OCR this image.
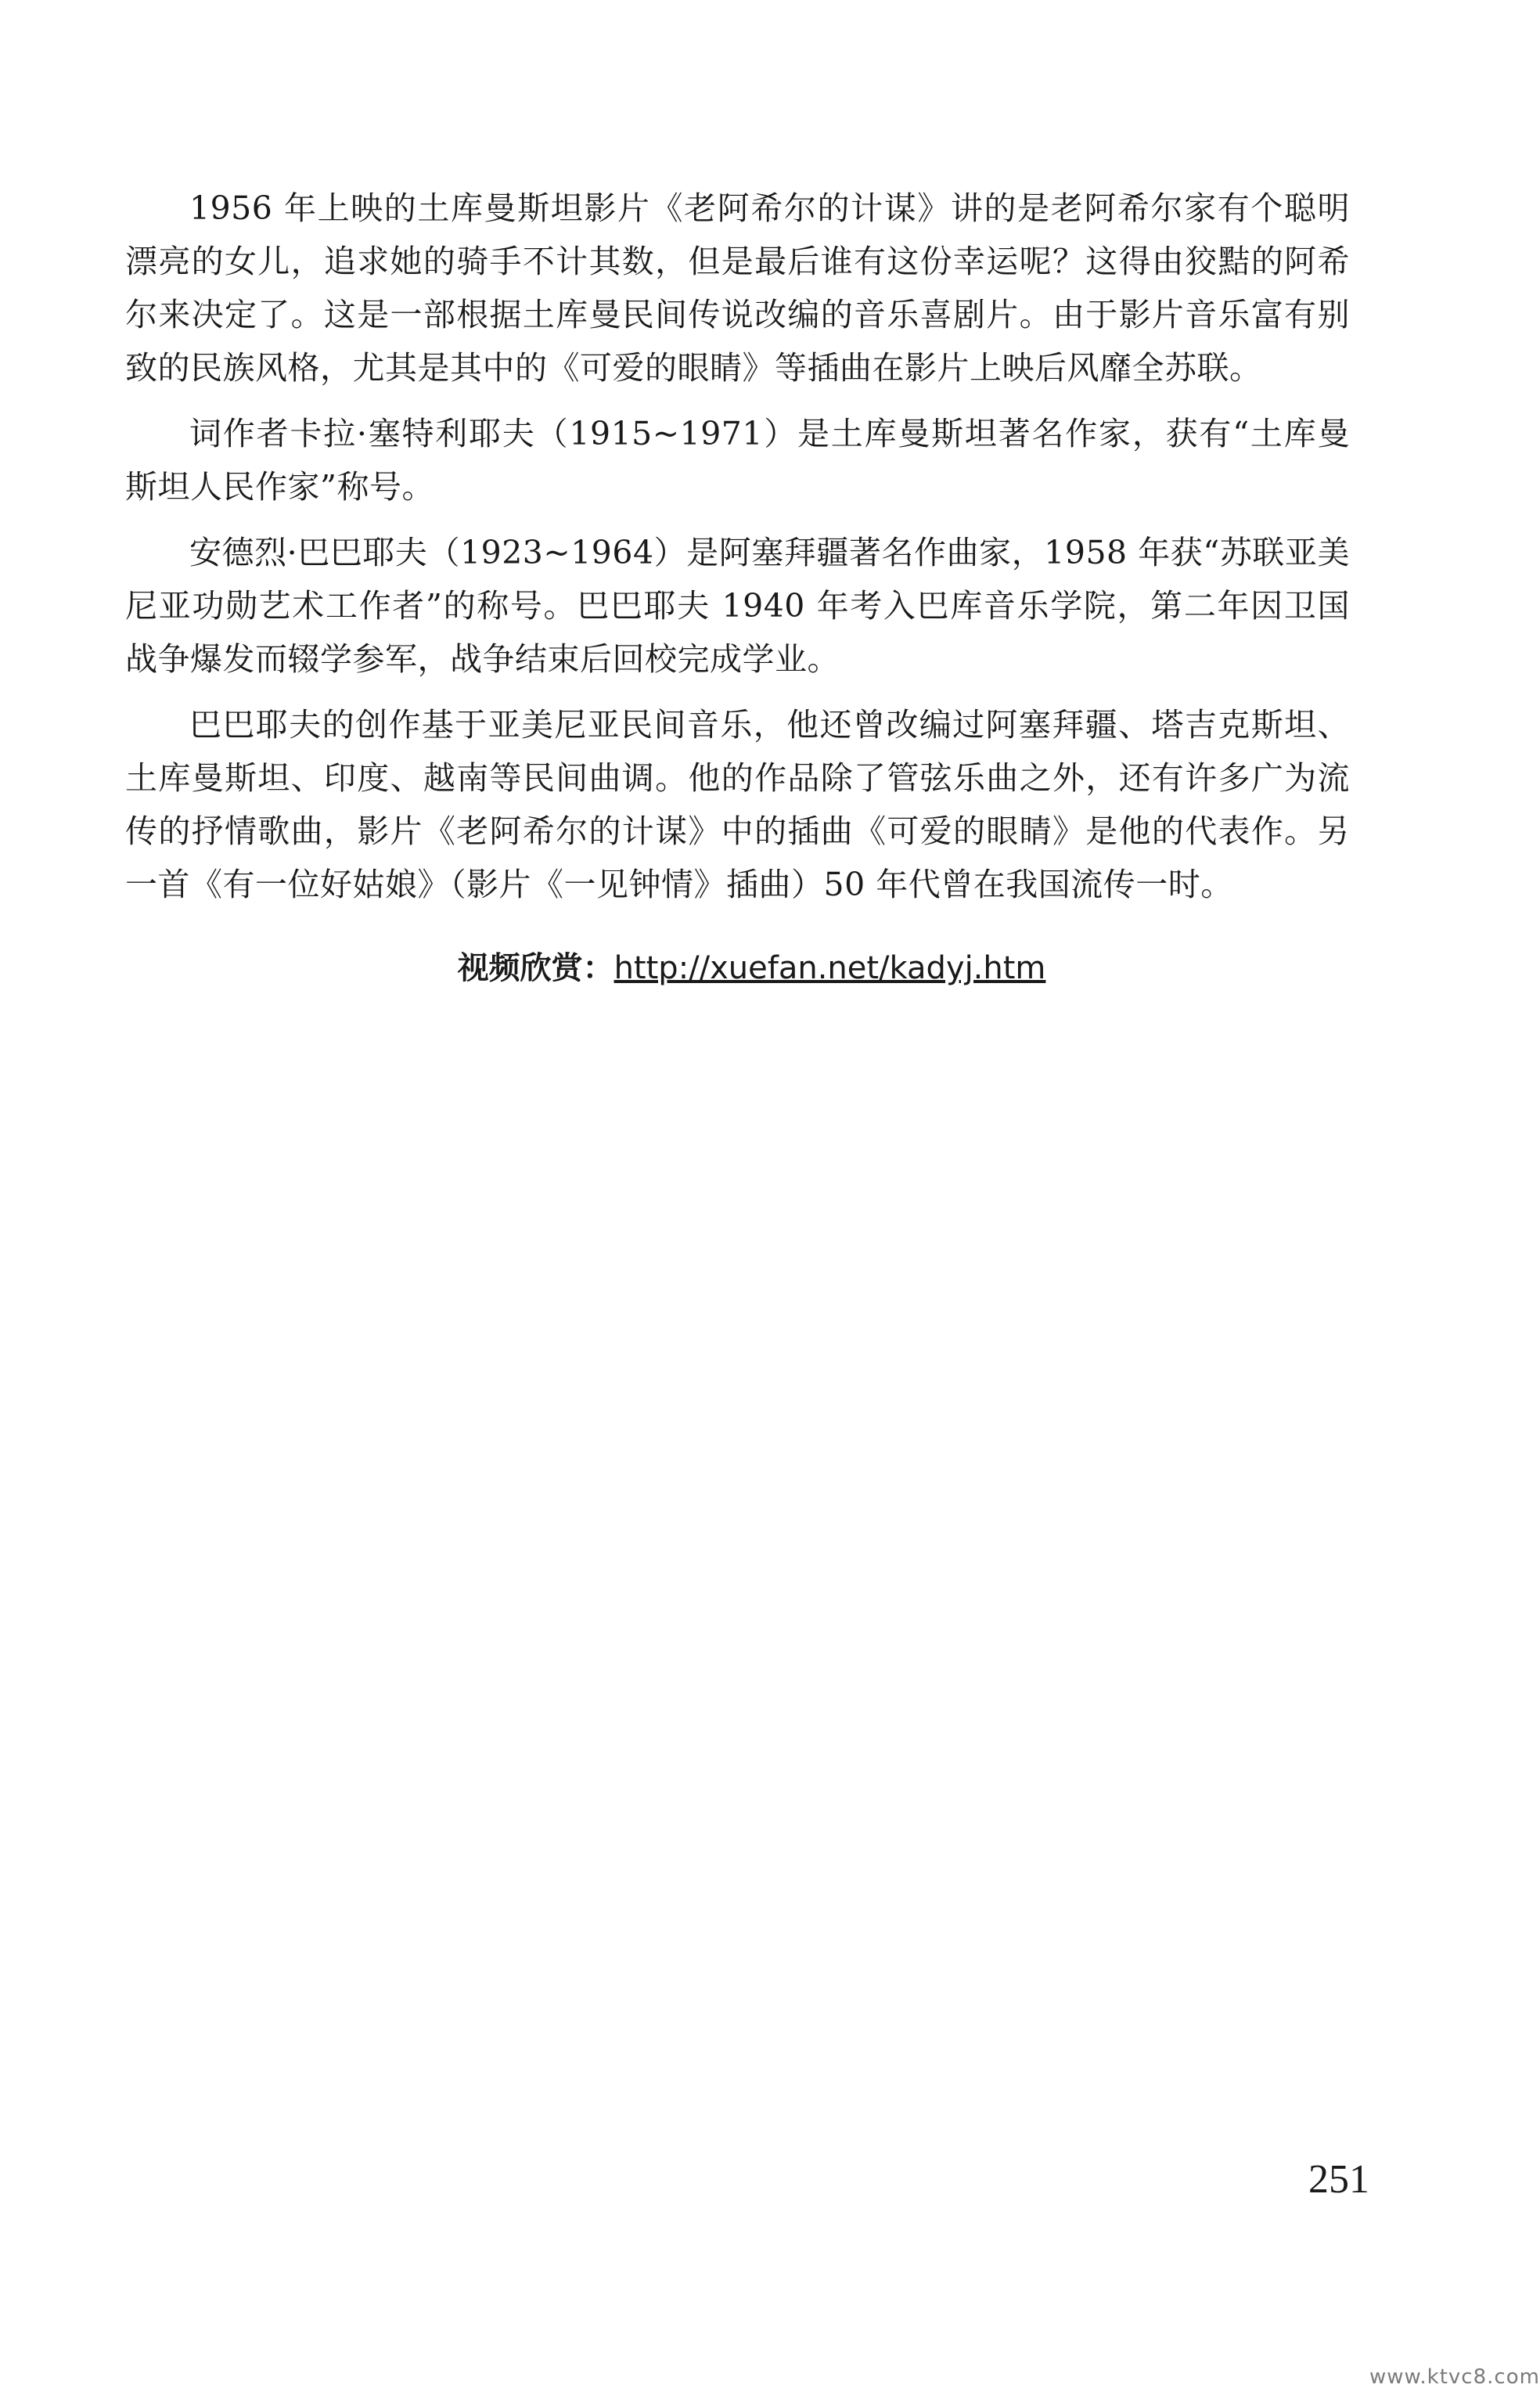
1956 年上映的土库曼斯坦影片《老阿希尔的计谋》讲的是老阿希尔家有个聪明漂亮的女儿，追求她的骑手不计其数，但是最后谁有这份幸运呢？这得由狡黠的阿希尔来决定了。这是一部根据土库曼民间传说改编的音乐喜剧片。由于影片音乐富有别致的民族风格，尤其是其中的《可爱的眼睛》等插曲在影片上映后风靡全苏联。

词作者卡拉·塞特利耶夫（1915~1971）是土库曼斯坦著名作家，获有“土库曼斯坦人民作家”称号。

安德烈·巴巴耶夫（1923~1964）是阿塞拜疆著名作曲家，1958 年获“苏联亚美尼亚功勋艺术工作者”的称号。巴巴耶夫 1940 年考入巴库音乐学院，第二年因卫国战争爆发而辍学参军，战争结束后回校完成学业。

巴巴耶夫的创作基于亚美尼亚民间音乐，他还曾改编过阿塞拜疆、塔吉克斯坦、土库曼斯坦、印度、越南等民间曲调。他的作品除了管弦乐曲之外，还有许多广为流传的抒情歌曲，影片《老阿希尔的计谋》中的插曲《可爱的眼睛》是他的代表作。另一首《有一位好姑娘》（影片《一见钟情》插曲）50 年代曾在我国流传一时。

视频欣赏：http://xuefan.net/kadyj.htm
251
www.ktvc8.com
